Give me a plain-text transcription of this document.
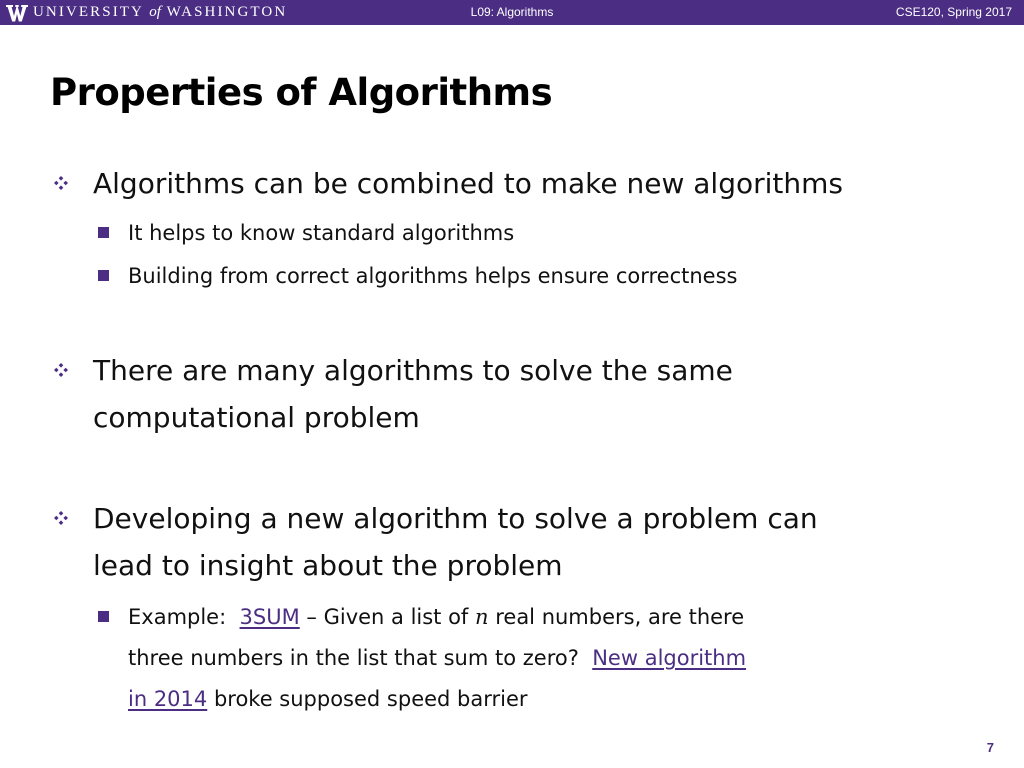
UNIVERSITY of WASHINGTON	L09: Algorithms	CSE120, Spring 2017
Properties of Algorithms
Algorithms can be combined to make new algorithms
It helps to know standard algorithms
Building from correct algorithms helps ensure correctness
There are many algorithms to solve the same
computational problem
Developing a new algorithm to solve a problem can
lead to insight about the problem
Example:  3SUM – Given a list of n real numbers, are there
three numbers in the list that sum to zero?  New algorithm
in 2014 broke supposed speed barrier
7
